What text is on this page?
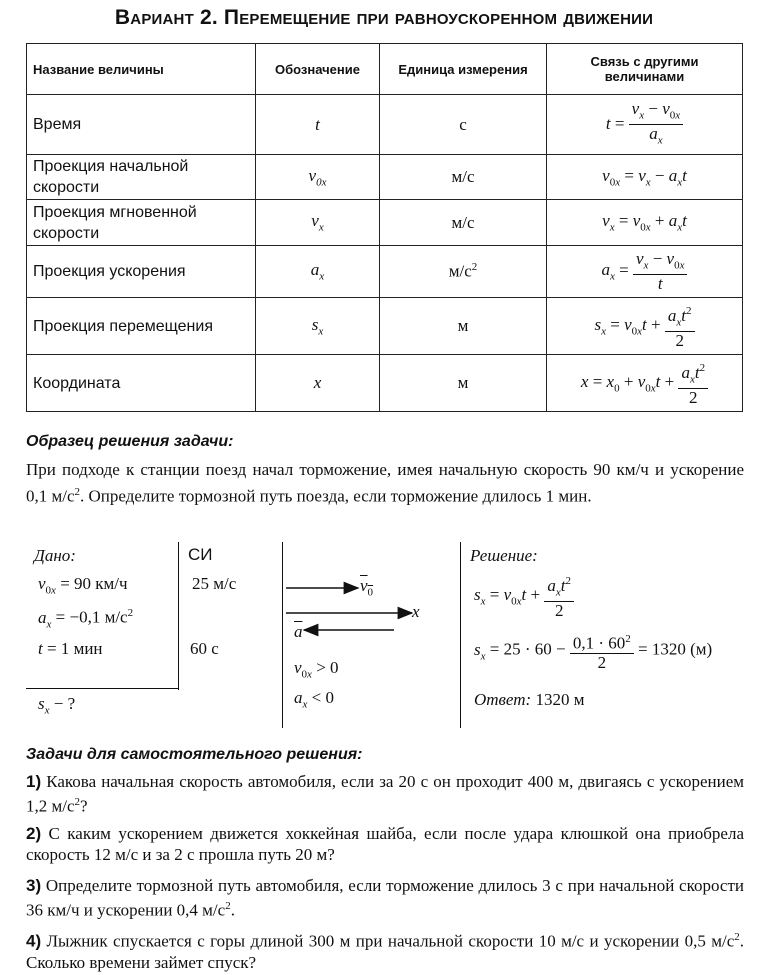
Вариант 2. Перемещение при равноускоренном движении
Название величины	Обозначение	Единица измерения	Связь с другими величинами
Время	t	с	$t = \frac{v_x - v_{0x}}{a_x}$

Проекция начальной скорости	$v_{0x}$	м/с	$v_{0x} = v_x - a_xt$
Проекция мгновенной скорости	$v_x$	м/с	$v_x = v_{0x} + a_xt$
Проекция ускорения	$a_x$	$м/с^2$	$a_x = \frac{v_x - v_{0x}}{t}$

Проекция перемещения	$s_x$	м	$s_x = v_{0x}t + \frac{a_xt^2}{2}$

Координата	x	м	$x = x_0 + v_{0x}t + \frac{a_xt^2}{2}$
Образец решения задачи:
При подходе к станции поезд начал торможение, имея начальную скорость 90 км/ч и ускорение 0,1 $м/с^2$. Определите тормозной путь поезда, если торможение длилось 1 мин.
Дано:
$v_{0x} = 90$ км/ч
$a_x = -0,1$ $м/с^2$
t = 1 мин
$s_x$ − ?
СИ
25 м/с
60 с
$v_0$
x
$\overline{a}$
$v_{0x} > 0$
$a_x < 0$
Решение:
$s_x = v_{0x}t + \frac{a_xt^2}{2}$
$s_x = 25 \cdot 60 - \frac{0,1 \cdot 60^2}{2} = 1320$ (м)
Ответ: 1320 м
Задачи для самостоятельного решения:
1) Какова начальная скорость автомобиля, если за 20 с он проходит 400 м, двигаясь с ускорением 1,2 $м/с^2$?
2) С каким ускорением движется хоккейная шайба, если после удара клюшкой она приобрела скорость 12 м/с и за 2 с прошла путь 20 м?
3) Определите тормозной путь автомобиля, если торможение длилось 3 с при начальной скорости 36 км/ч и ускорении 0,4 $м/с^2$.
4) Лыжник спускается с горы длиной 300 м при начальной скорости 10 м/с и ускорении 0,5 $м/с^2$. Сколько времени займет спуск?
